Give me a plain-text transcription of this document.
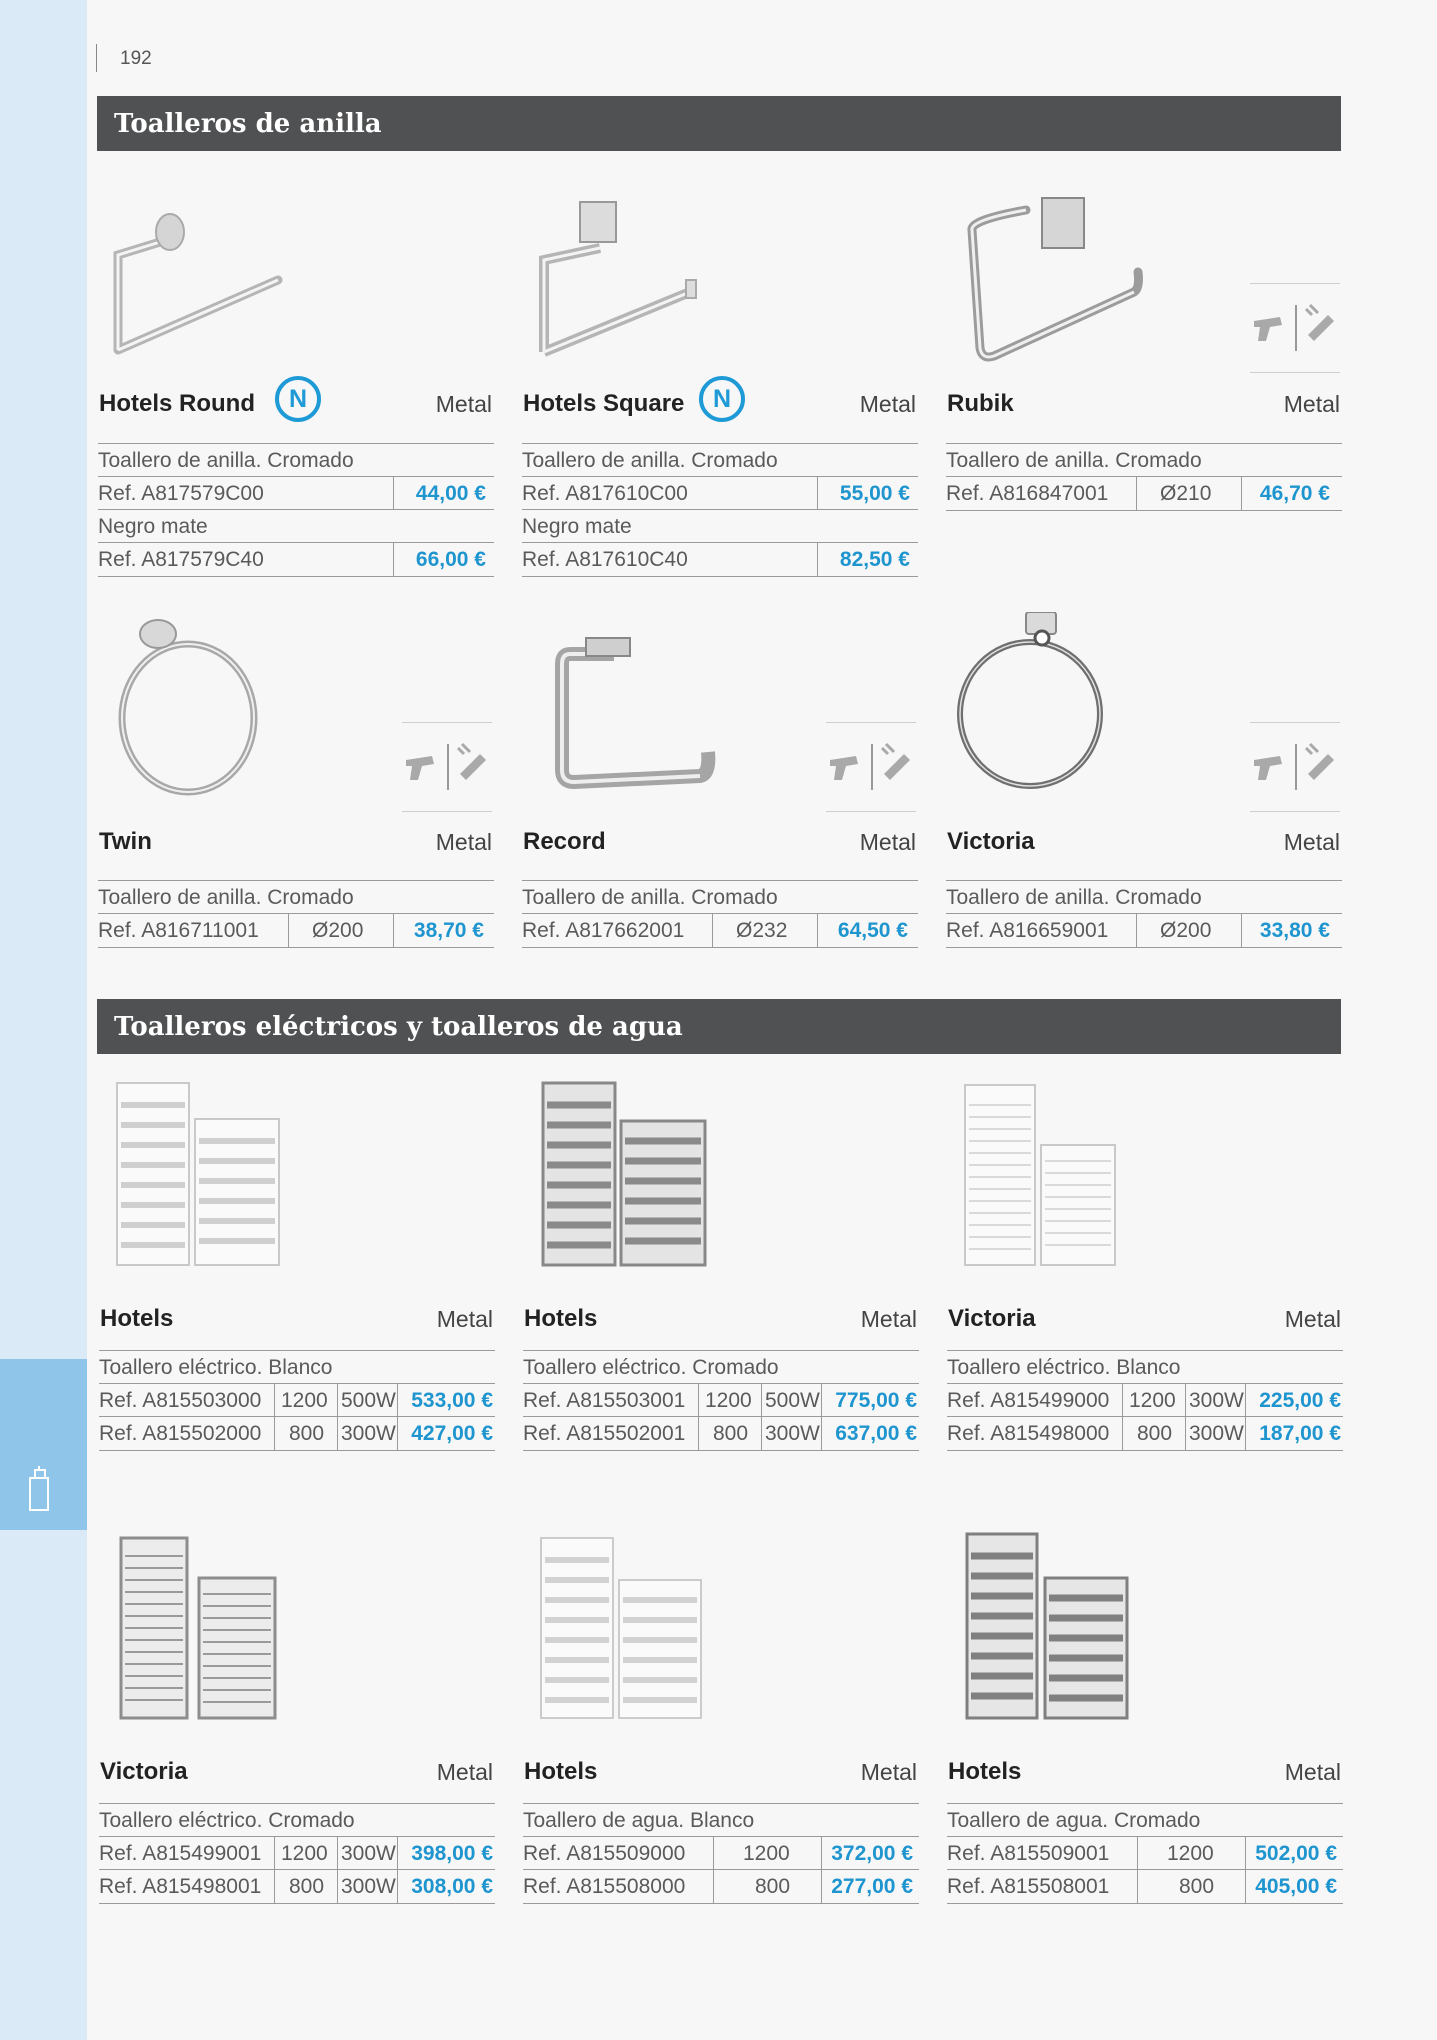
192
Toalleros de anilla
Toalleros eléctricos y toalleros de agua
Hotels Round	N	Metal
Toallero de anilla. Cromado
Ref. A817579C00	44,00 €
Negro mate
Ref. A817579C40	66,00 €
Hotels Square	N	Metal
Toallero de anilla. Cromado
Ref. A817610C00	55,00 €
Negro mate
Ref. A817610C40	82,50 €
Rubik	Metal
Toallero de anilla. Cromado
Ref. A816847001 Ø210 46,70 €
Twin	Metal
Toallero de anilla. Cromado
Ref. A816711001	Ø200 38,70 €
Record	Metal
Toallero de anilla. Cromado
Ref. A817662001 Ø232 64,50 €
Victoria	Metal
Toallero de anilla. Cromado
Ref. A816659001 Ø200 33,80 €
Hotels	Metal
Toallero eléctrico. Blanco
Ref. A815503000 1200 500W 533,00 €
Ref. A815502000 800 300W 427,00 €
Hotels	Metal
Toallero eléctrico. Cromado
Ref. A815503001 1200 500W 775,00 €
Ref. A815502001 800 300W 637,00 €
Victoria	Metal
Toallero eléctrico. Blanco
Ref. A815499000 1200 300W 225,00 €
Ref. A815498000 800 300W 187,00 €
Victoria	Metal
Toallero eléctrico. Cromado
Ref. A815499001 1200 300W 398,00 €
Ref. A815498001 800 300W 308,00 €
Hotels	Metal
Toallero de agua. Blanco
Ref. A815509000	1200 372,00 €
Ref. A815508000	800 277,00 €
Hotels	Metal
Toallero de agua. Cromado
Ref. A815509001	1200 502,00 €
Ref. A815508001	800 405,00 €
